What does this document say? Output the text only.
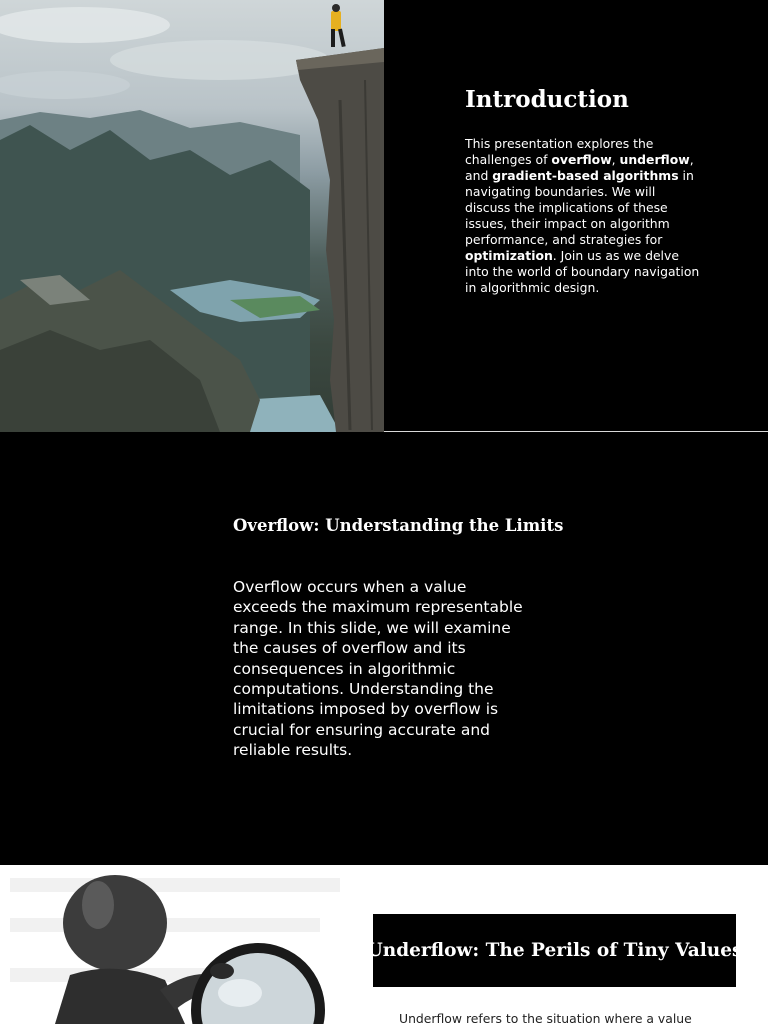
Introduction

This presentation explores the challenges of overflow, underflow, and gradient-based algorithms in navigating boundaries. We will discuss the implications of these issues, their impact on algorithm performance, and strategies for optimization. Join us as we delve into the world of boundary navigation in algorithmic design.

Overflow: Understanding the Limits

Overflow occurs when a value exceeds the maximum representable range. In this slide, we will examine the causes of overflow and its consequences in algorithmic computations. Understanding the limitations imposed by overflow is crucial for ensuring accurate and reliable results.

Underflow: The Perils of Tiny Values

Underflow refers to the situation where a value
